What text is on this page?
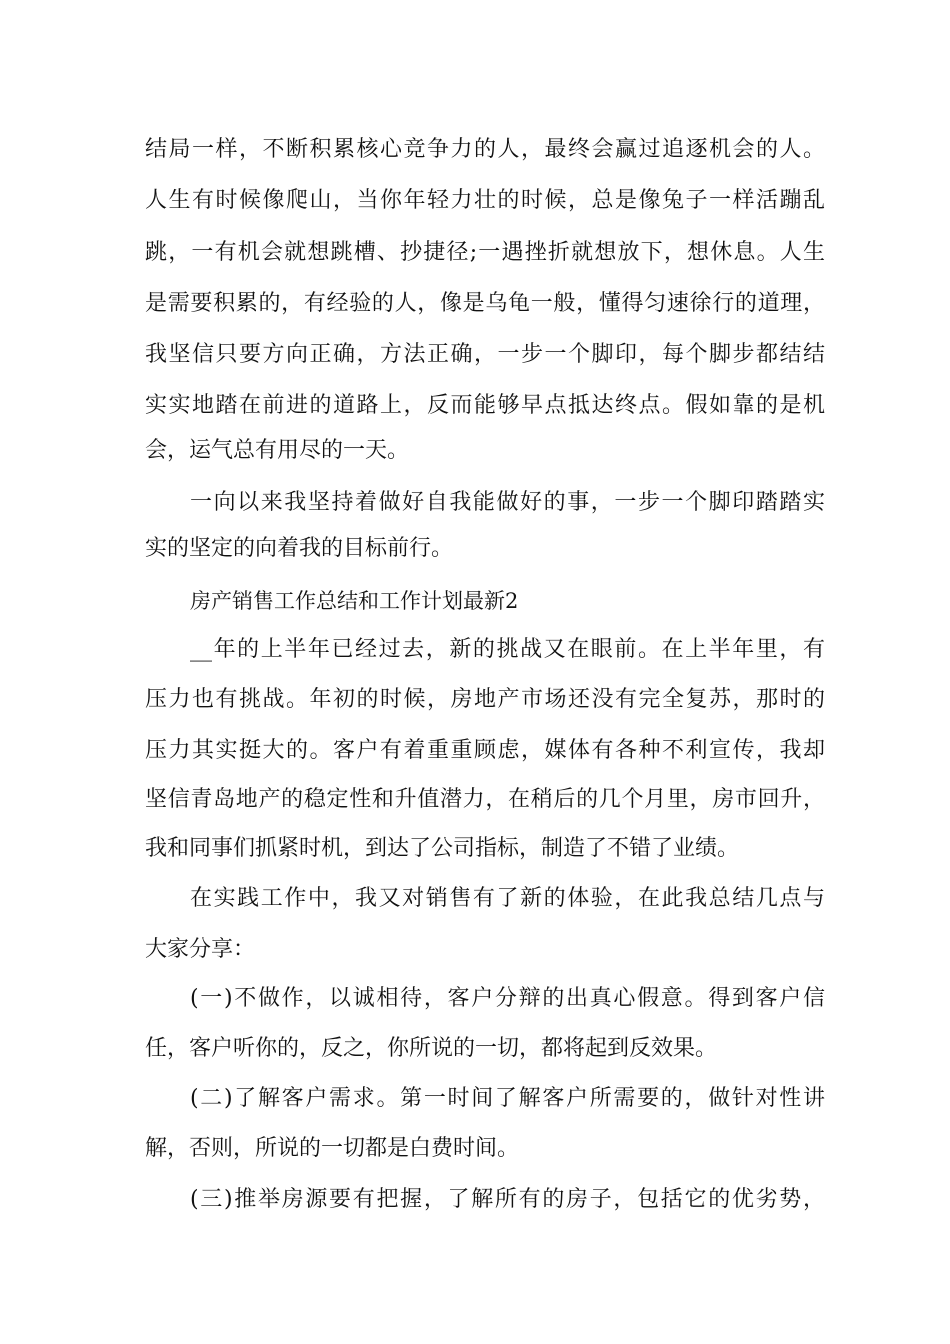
结局一样，不断积累核心竞争力的人，最终会赢过追逐机会的人。
人生有时候像爬山，当你年轻力壮的时候，总是像兔子一样活蹦乱
跳，一有机会就想跳槽、抄捷径;一遇挫折就想放下，想休息。人生
是需要积累的，有经验的人，像是乌龟一般，懂得匀速徐行的道理，
我坚信只要方向正确，方法正确，一步一个脚印，每个脚步都结结
实实地踏在前进的道路上，反而能够早点抵达终点。假如靠的是机
会，运气总有用尽的一天。
一向以来我坚持着做好自我能做好的事，一步一个脚印踏踏实
实的坚定的向着我的目标前行。
房产销售工作总结和工作计划最新2
__年的上半年已经过去，新的挑战又在眼前。在上半年里，有
压力也有挑战。年初的时候，房地产市场还没有完全复苏，那时的
压力其实挺大的。客户有着重重顾虑，媒体有各种不利宣传，我却
坚信青岛地产的稳定性和升值潜力，在稍后的几个月里，房市回升，
我和同事们抓紧时机，到达了公司指标，制造了不错了业绩。
在实践工作中，我又对销售有了新的体验，在此我总结几点与
大家分享：
(一)不做作，以诚相待，客户分辩的出真心假意。得到客户信
任，客户听你的，反之，你所说的一切，都将起到反效果。
(二)了解客户需求。第一时间了解客户所需要的，做针对性讲
解，否则，所说的一切都是白费时间。
(三)推举房源要有把握，了解所有的房子，包括它的优劣势，
